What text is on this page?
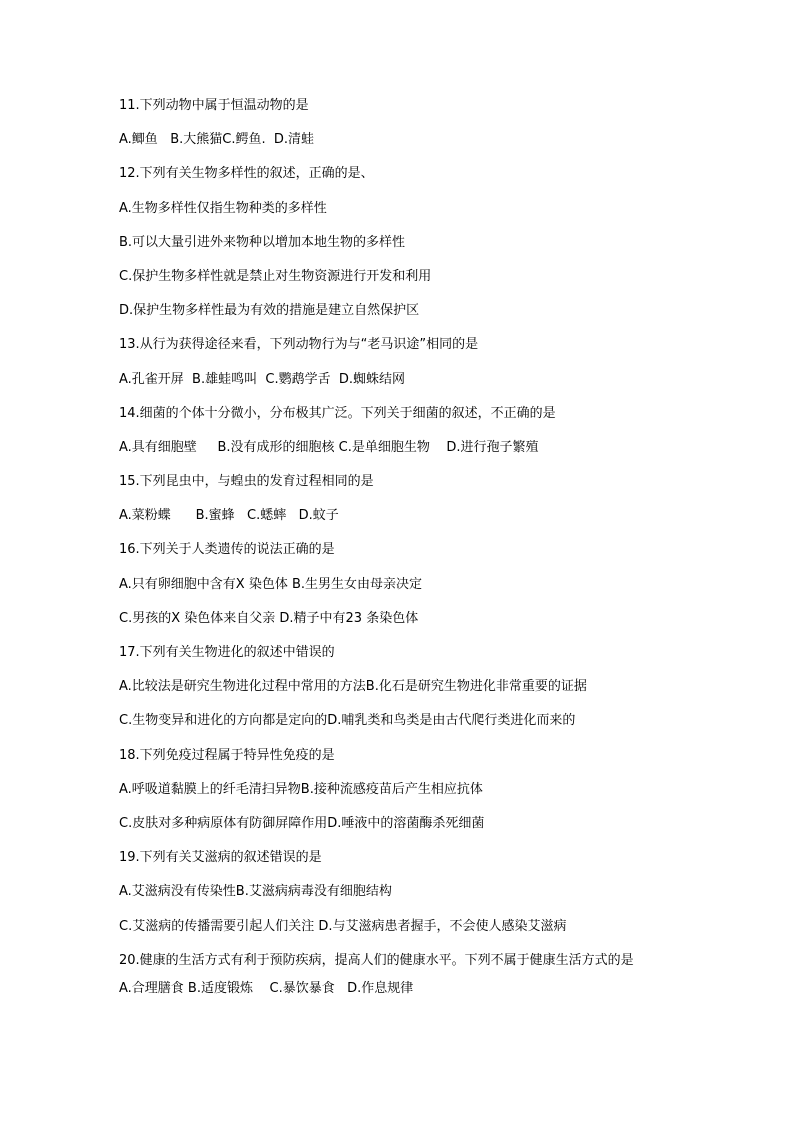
11.下列动物中属于恒温动物的是
A.鲫鱼   B.大熊猫C.鳄鱼.  D.清蛙
12.下列有关生物多样性的叙述，正确的是、
A.生物多样性仅指生物种类的多样性
B.可以大量引进外来物种以增加本地生物的多样性
C.保护生物多样性就是禁止对生物资源进行开发和利用
D.保护生物多样性最为有效的措施是建立自然保护区
13.从行为获得途径来看，下列动物行为与“老马识途”相同的是
A.孔雀开屏  B.雄蛙鸣叫  C.鹦鹉学舌  D.蜘蛛结网
14.细菌的个体十分微小，分布极其广泛。下列关于细菌的叙述，不正确的是
A.具有细胞壁     B.没有成形的细胞核 C.是单细胞生物    D.进行孢子繁殖
15.下列昆虫中，与蝗虫的发育过程相同的是
A.菜粉蝶      B.蜜蜂   C.蟋蟀   D.蚊子
16.下列关于人类遗传的说法正确的是
A.只有卵细胞中含有X 染色体 B.生男生女由母亲决定
C.男孩的X 染色体来自父亲 D.精子中有23 条染色体
17.下列有关生物进化的叙述中错误的
A.比较法是研究生物进化过程中常用的方法B.化石是研究生物进化非常重要的证据
C.生物变异和进化的方向都是定向的D.哺乳类和鸟类是由古代爬行类进化而来的
18.下列免疫过程属于特异性免疫的是
A.呼吸道黏膜上的纤毛清扫异物B.接种流感疫苗后产生相应抗体
C.皮肤对多种病原体有防御屏障作用D.唾液中的溶菌酶杀死细菌
19.下列有关艾滋病的叙述错误的是
A.艾滋病没有传染性B.艾滋病病毒没有细胞结构
C.艾滋病的传播需要引起人们关注 D.与艾滋病患者握手，不会使人感染艾滋病
20.健康的生活方式有利于预防疾病，提高人们的健康水平。下列不属于健康生活方式的是
A.合理膳食 B.适度锻炼    C.暴饮暴食   D.作息规律
